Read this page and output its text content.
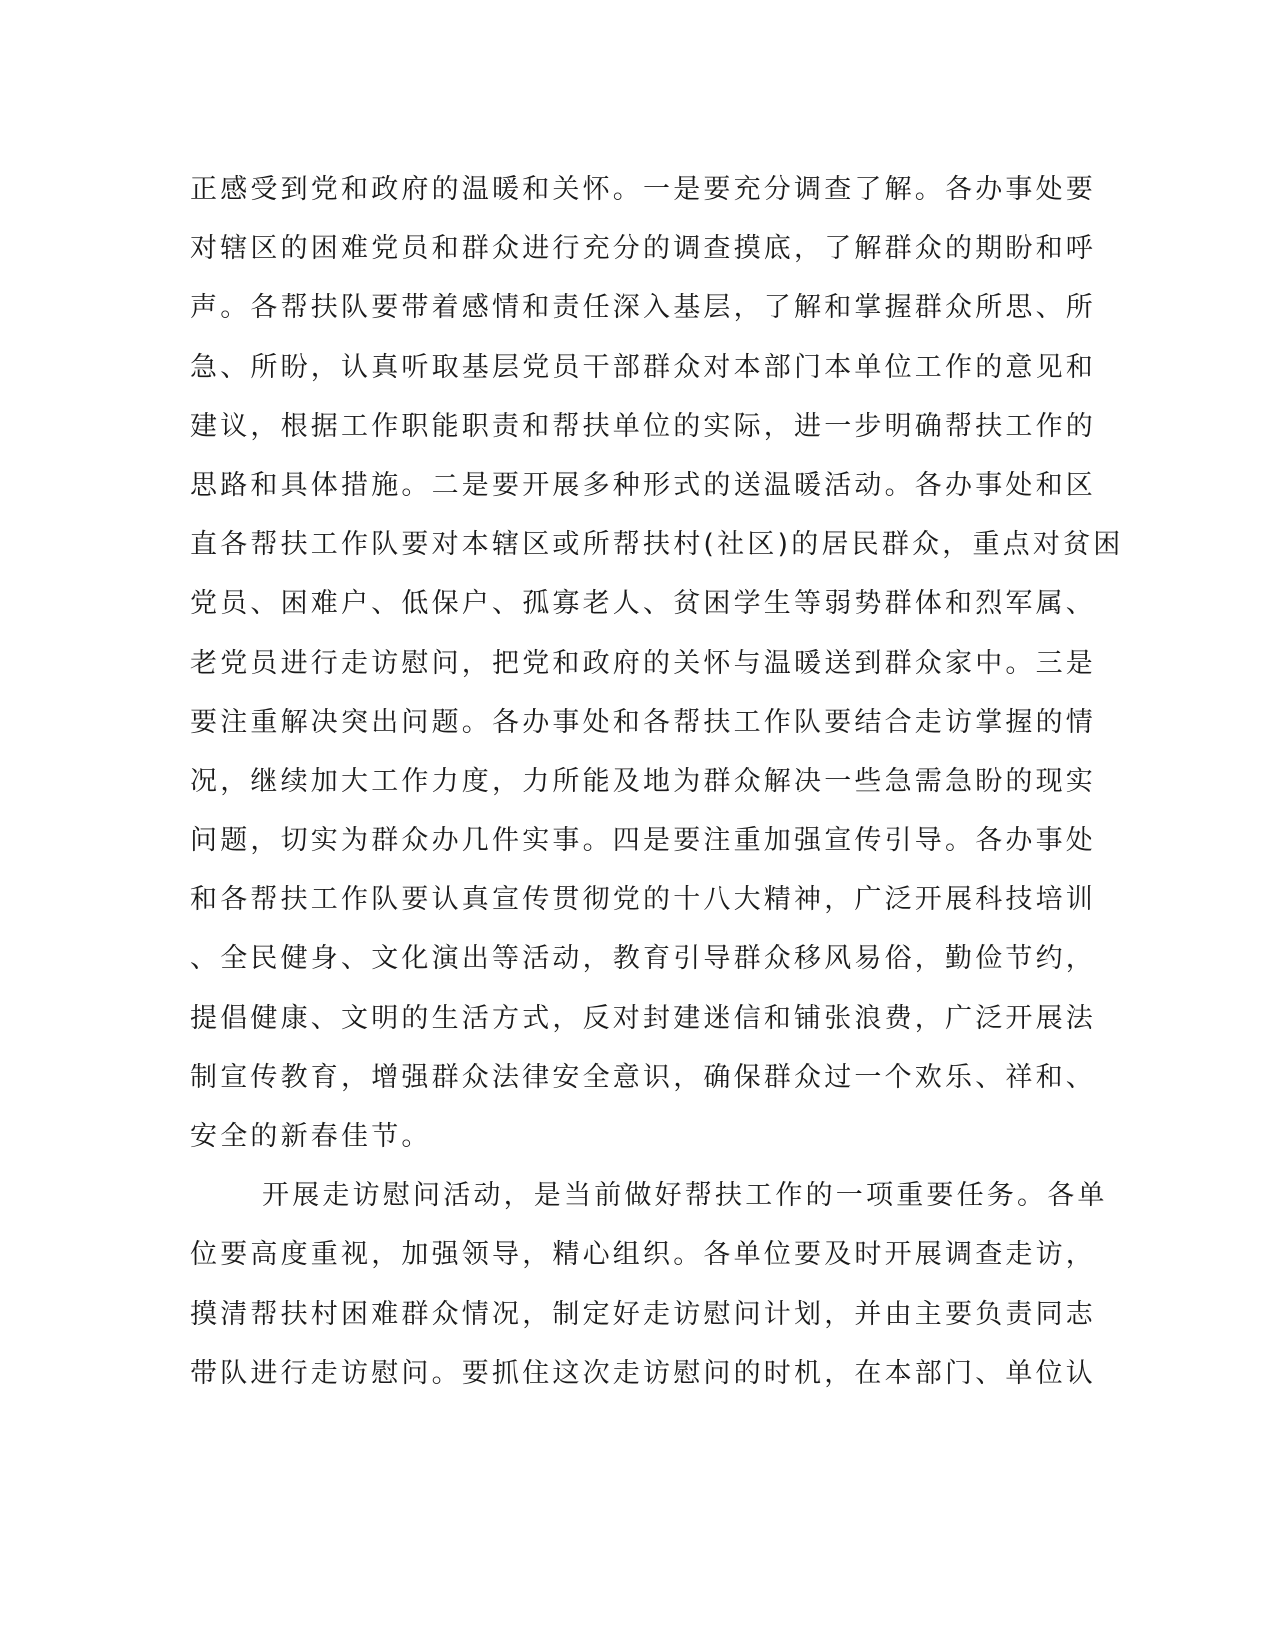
正感受到党和政府的温暖和关怀。一是要充分调查了解。各办事处要
对辖区的困难党员和群众进行充分的调查摸底，了解群众的期盼和呼
声。各帮扶队要带着感情和责任深入基层，了解和掌握群众所思、所
急、所盼，认真听取基层党员干部群众对本部门本单位工作的意见和
建议，根据工作职能职责和帮扶单位的实际，进一步明确帮扶工作的
思路和具体措施。二是要开展多种形式的送温暖活动。各办事处和区
直各帮扶工作队要对本辖区或所帮扶村(社区)的居民群众，重点对贫困
党员、困难户、低保户、孤寡老人、贫困学生等弱势群体和烈军属、
老党员进行走访慰问，把党和政府的关怀与温暖送到群众家中。三是
要注重解决突出问题。各办事处和各帮扶工作队要结合走访掌握的情
况，继续加大工作力度，力所能及地为群众解决一些急需急盼的现实
问题，切实为群众办几件实事。四是要注重加强宣传引导。各办事处
和各帮扶工作队要认真宣传贯彻党的十八大精神，广泛开展科技培训
、全民健身、文化演出等活动，教育引导群众移风易俗，勤俭节约，
提倡健康、文明的生活方式，反对封建迷信和铺张浪费，广泛开展法
制宣传教育，增强群众法律安全意识，确保群众过一个欢乐、祥和、
安全的新春佳节。
开展走访慰问活动，是当前做好帮扶工作的一项重要任务。各单
位要高度重视，加强领导，精心组织。各单位要及时开展调查走访，
摸清帮扶村困难群众情况，制定好走访慰问计划，并由主要负责同志
带队进行走访慰问。要抓住这次走访慰问的时机，在本部门、单位认
